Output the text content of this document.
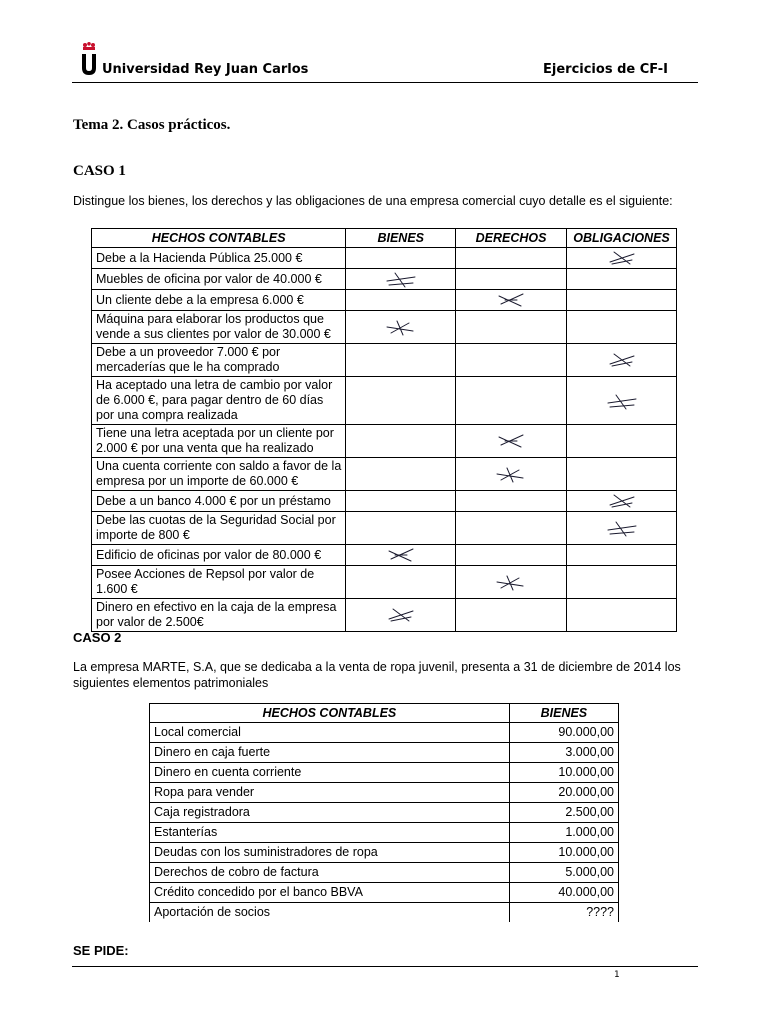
Universidad Rey Juan Carlos	Ejercicios de CF-I
Tema 2. Casos prácticos.
CASO 1
Distingue los bienes, los derechos y las obligaciones de una empresa comercial cuyo detalle es el siguiente:
HECHOS CONTABLES	BIENES	DERECHOS	OBLIGACIONES
Debe a la Hacienda Pública 25.000 €			
Muebles de oficina por valor de 40.000 €			
Un cliente debe a la empresa 6.000 €			
Máquina para elaborar los productos que vende a sus clientes por valor de 30.000 €			
Debe a un proveedor 7.000 € por mercaderías que le ha comprado			
Ha aceptado una letra de cambio por valor de 6.000 €, para pagar dentro de 60 días por una compra realizada			
Tiene una letra aceptada por un cliente por 2.000 € por una venta que ha realizado			
Una cuenta corriente con saldo a favor de la empresa por un importe de 60.000 €			
Debe a un banco 4.000 € por un préstamo			
Debe las cuotas de la Seguridad Social por importe de 800 €			
Edificio de oficinas por valor de 80.000 €			
Posee Acciones de Repsol por valor de 1.600 €			
Dinero en efectivo en la caja de la empresa por valor de 2.500€			
CASO 2
La empresa MARTE, S.A, que se dedicaba a la venta de ropa juvenil, presenta a 31 de diciembre de 2014 los siguientes elementos patrimoniales
HECHOS CONTABLES	BIENES
Local comercial	90.000,00
Dinero en caja fuerte	3.000,00
Dinero en cuenta corriente	10.000,00
Ropa para vender	20.000,00
Caja registradora	2.500,00
Estanterías	1.000,00
Deudas con los suministradores de ropa	10.000,00
Derechos de cobro de factura	5.000,00
Crédito concedido por el banco BBVA	40.000,00
Aportación de socios	????
SE PIDE:
1
